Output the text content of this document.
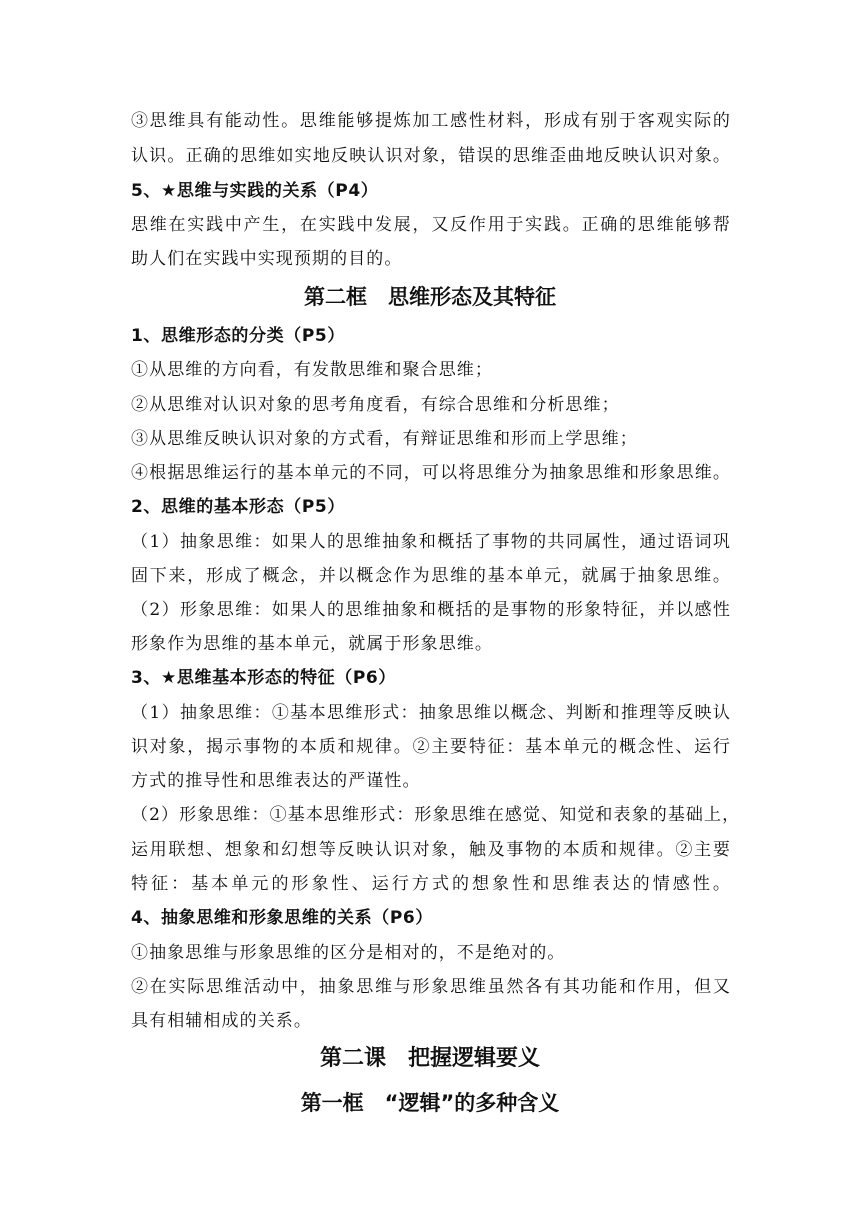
③思维具有能动性。思维能够提炼加工感性材料，形成有别于客观实际的
认识。正确的思维如实地反映认识对象，错误的思维歪曲地反映认识对象。
5、★思维与实践的关系（P4）
思维在实践中产生，在实践中发展，又反作用于实践。正确的思维能够帮
助人们在实践中实现预期的目的。
第二框　思维形态及其特征
1、思维形态的分类（P5）
①从思维的方向看，有发散思维和聚合思维；
②从思维对认识对象的思考角度看，有综合思维和分析思维；
③从思维反映认识对象的方式看，有辩证思维和形而上学思维；
④根据思维运行的基本单元的不同，可以将思维分为抽象思维和形象思维。
2、思维的基本形态（P5）
（1）抽象思维：如果人的思维抽象和概括了事物的共同属性，通过语词巩
固下来，形成了概念，并以概念作为思维的基本单元，就属于抽象思维。
（2）形象思维：如果人的思维抽象和概括的是事物的形象特征，并以感性
形象作为思维的基本单元，就属于形象思维。
3、★思维基本形态的特征（P6）
（1）抽象思维：①基本思维形式：抽象思维以概念、判断和推理等反映认
识对象，揭示事物的本质和规律。②主要特征：基本单元的概念性、运行
方式的推导性和思维表达的严谨性。
（2）形象思维：①基本思维形式：形象思维在感觉、知觉和表象的基础上，
运用联想、想象和幻想等反映认识对象，触及事物的本质和规律。②主要
特征：基本单元的形象性、运行方式的想象性和思维表达的情感性。
4、抽象思维和形象思维的关系（P6）
①抽象思维与形象思维的区分是相对的，不是绝对的。
②在实际思维活动中，抽象思维与形象思维虽然各有其功能和作用，但又
具有相辅相成的关系。
第二课　把握逻辑要义
第一框　“逻辑”的多种含义
